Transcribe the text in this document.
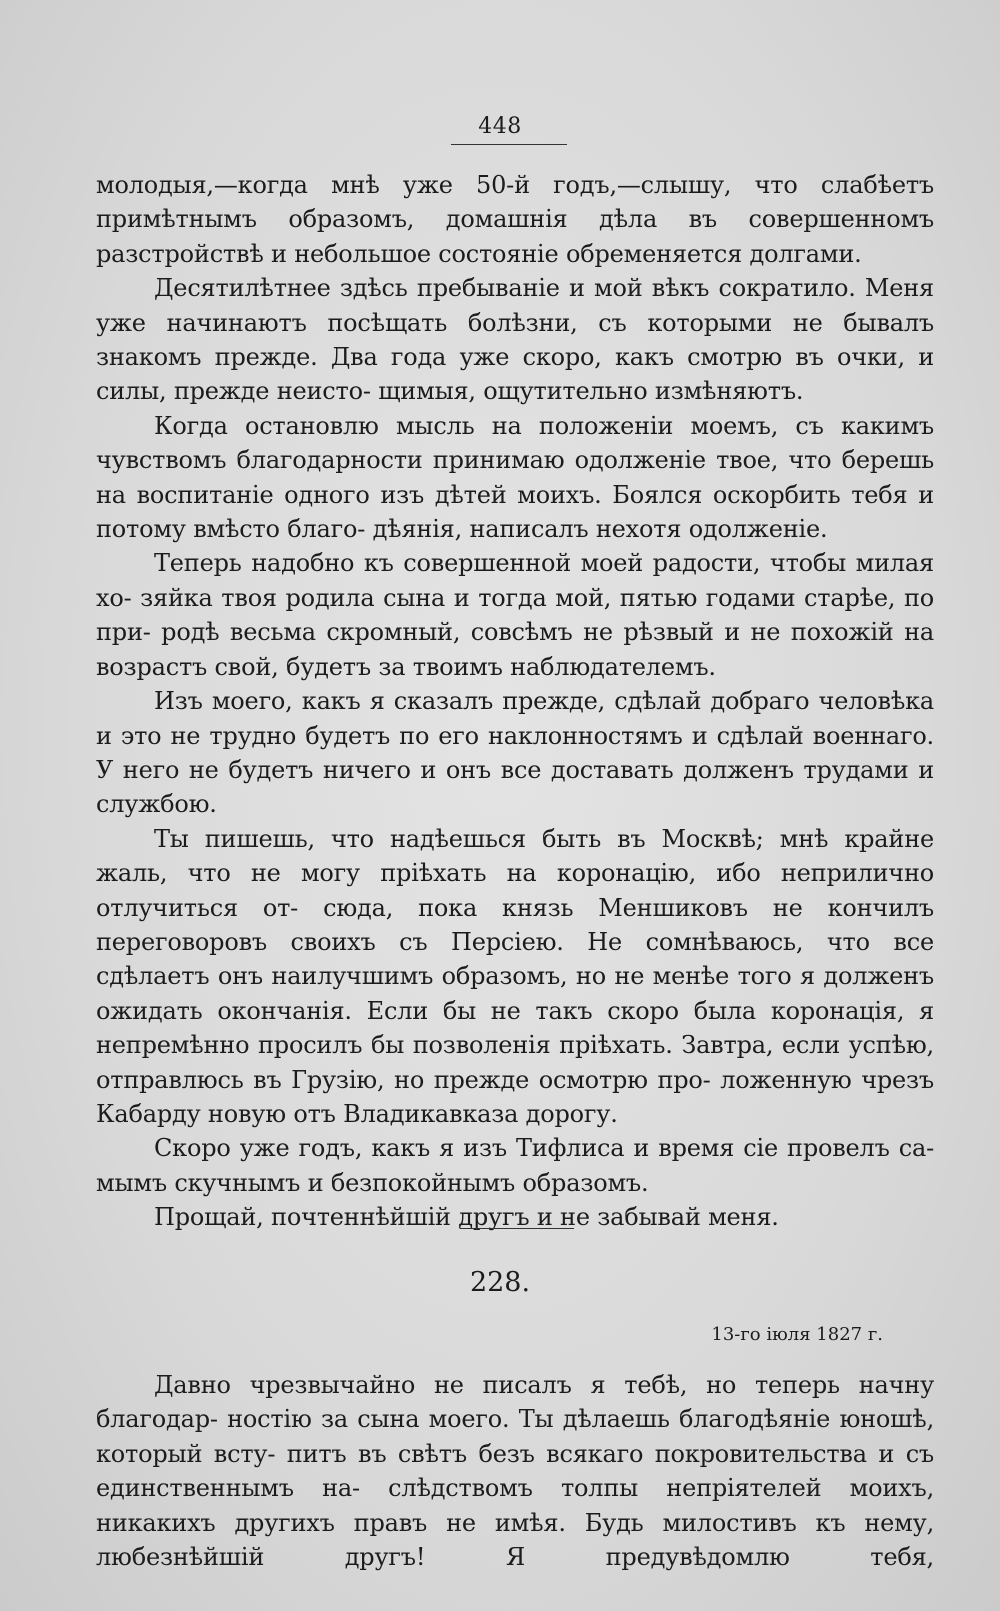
448

молодыя,—когда мнѣ уже 50-й годъ,—слышу, что слабѣетъ примѣтнымъ образомъ, домашнія дѣла въ совершенномъ разстройствѣ и небольшое состояніе обременяется долгами.

Десятилѣтнее здѣсь пребываніе и мой вѣкъ сократило. Меня уже начинаютъ посѣщать болѣзни, съ которыми не бывалъ знакомъ прежде. Два года уже скоро, какъ смотрю въ очки, и силы, прежде неисто- щимыя, ощутительно измѣняютъ.

Когда остановлю мысль на положеніи моемъ, съ какимъ чувствомъ благодарности принимаю одолженіе твое, что берешь на воспитаніе одного изъ дѣтей моихъ. Боялся оскорбить тебя и потому вмѣсто благо- дѣянія, написалъ нехотя одолженіе.

Теперь надобно къ совершенной моей радости, чтобы милая хо- зяйка твоя родила сына и тогда мой, пятью годами старѣе, по при- родѣ весьма скромный, совсѣмъ не рѣзвый и не похожій на возрастъ свой, будетъ за твоимъ наблюдателемъ.

Изъ моего, какъ я сказалъ прежде, сдѣлай добраго человѣка и это не трудно будетъ по его наклонностямъ и сдѣлай военнаго. У него не будетъ ничего и онъ все доставать долженъ трудами и службою.

Ты пишешь, что надѣешься быть въ Москвѣ; мнѣ крайне жаль, что не могу пріѣхать на коронацію, ибо неприлично отлучиться от- сюда, пока князь Меншиковъ не кончилъ переговоровъ своихъ съ Персіею. Не сомнѣваюсь, что все сдѣлаетъ онъ наилучшимъ образомъ, но не менѣе того я долженъ ожидать окончанія. Если бы не такъ скоро была коронація, я непремѣнно просилъ бы позволенія пріѣхать. Завтра, если успѣю, отправлюсь въ Грузію, но прежде осмотрю про- ложенную чрезъ Кабарду новую отъ Владикавказа дорогу.

Скоро уже годъ, какъ я изъ Тифлиса и время сіе провелъ са- мымъ скучнымъ и безпокойнымъ образомъ.

Прощай, почтеннѣйшій другъ и не забывай меня.

228.
13-го іюля 1827 г.

Давно чрезвычайно не писалъ я тебѣ, но теперь начну благодар- ностію за сына моего. Ты дѣлаешь благодѣяніе юношѣ, который всту- питъ въ свѣтъ безъ всякаго покровительства и съ единственнымъ на- слѣдствомъ толпы непріятелей моихъ, никакихъ другихъ правъ не имѣя. Будь милостивъ къ нему, любезнѣйшій другъ! Я предувѣдомлю тебя,
